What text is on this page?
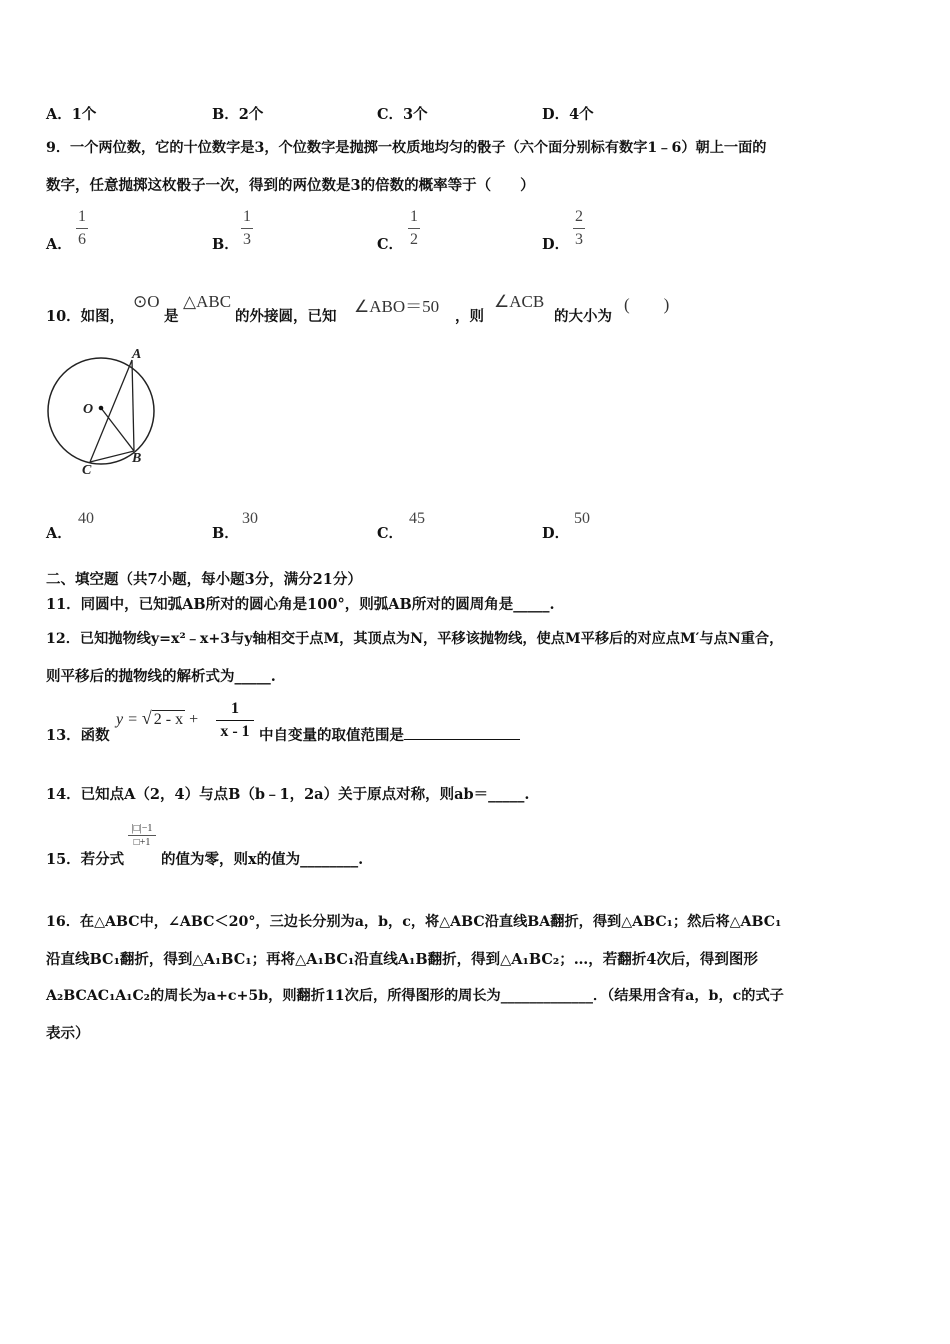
A．1个	B．2个	C．3个	D．4个
9．一个两位数，它的十位数字是3，个位数字是抛掷一枚质地均匀的骰子（六个面分别标有数字1﹣6）朝上一面的
数字，任意抛掷这枚骰子一次，得到的两位数是3的倍数的概率等于（　　）
A．
1
6	B．
1
3	C．
1
2	D．
2
3
10．如图，
⊙O
是
△ABC
的外接圆，已知
∠ABO＝50
，则
∠ACB
的大小为
(　　)
A
O
C
B
A．
40
B．
30
C．
45
D．
50
二、填空题（共7小题，每小题3分，满分21分）
11．同圆中，已知弧AB所对的圆心角是100°，则弧AB所对的圆周角是_____.
12．已知抛物线y=x²﹣x+3与y轴相交于点M，其顶点为N，平移该抛物线，使点M平移后的对应点M′与点N重合，
则平移后的抛物线的解析式为_____.
13．函数
y = √ 2 - x +
1
x - 1 中自变量的取值范围是
14．已知点A（2，4）与点B（b﹣1，2a）关于原点对称，则ab＝_____.
15．若分式
|□|−1
□+1
的值为零，则x的值为________.
16．在△ABC中，∠ABC＜20°，三边长分别为a，b，c，将△ABC沿直线BA翻折，得到△ABC₁；然后将△ABC₁
沿直线BC₁翻折，得到△A₁BC₁；再将△A₁BC₁沿直线A₁B翻折，得到△A₁BC₂；…，若翻折4次后，得到图形
A₂BCAC₁A₁C₂的周长为a+c+5b，则翻折11次后，所得图形的周长为_____________．（结果用含有a，b，c的式子
表示）
